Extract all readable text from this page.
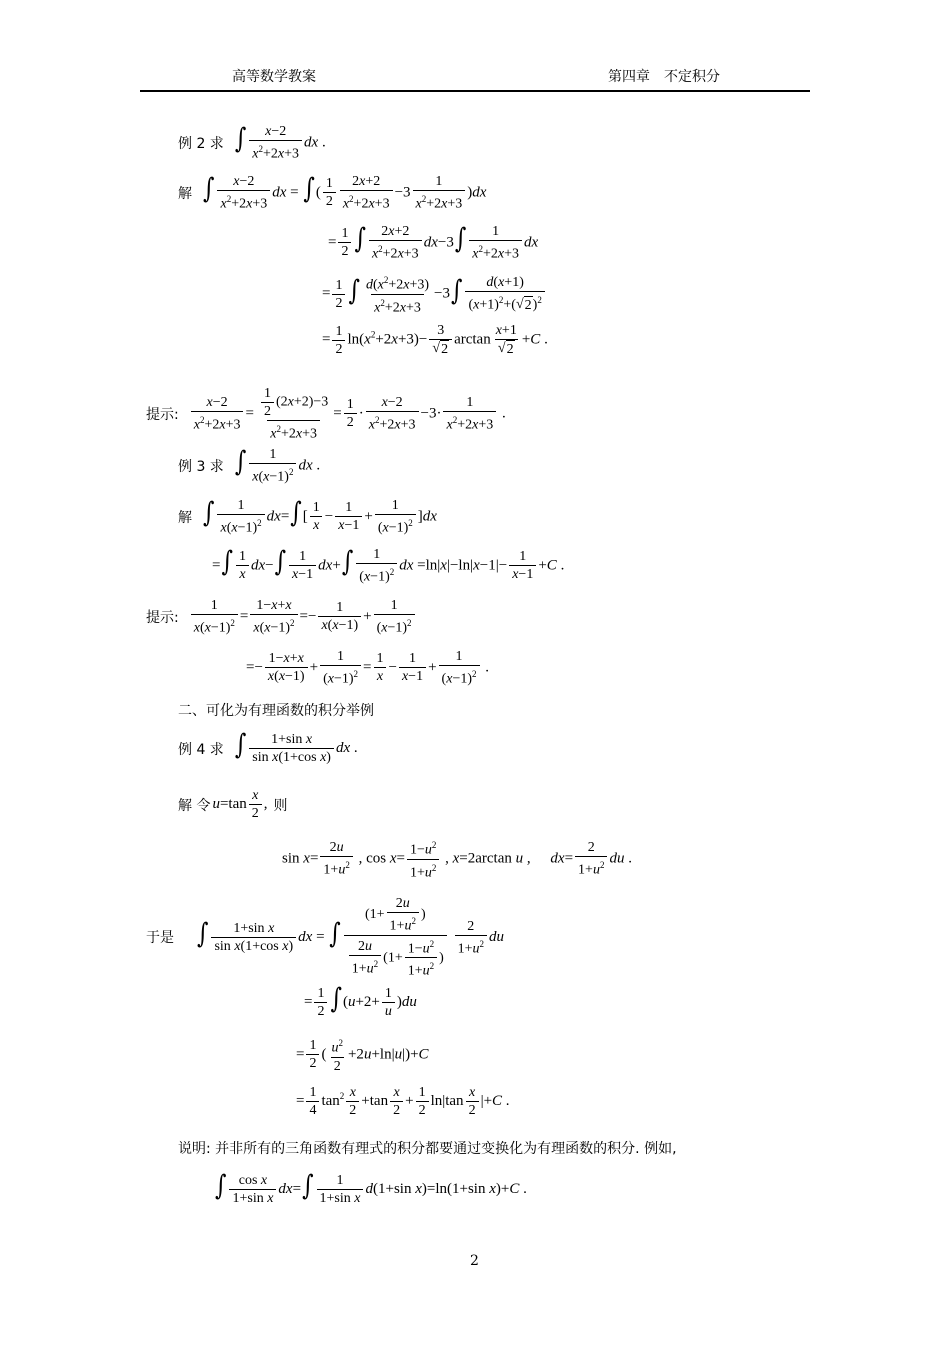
高等数学教案	第四章　不定积分
例 2 求 ∫ $\frac{x-2}{x^2+2x+3}$ dx .
解 ∫ $\frac{x-2}{x^2+2x+3}$ dx = ∫( $\frac{1}{2} \frac{2x+2}{x^2+2x+3} -3 \frac{1}{x^2+2x+3} )dx$
= $\frac{1}{2}$ ∫ $\frac{2x+2}{x^2+2x+3} dx-3\int \frac{1}{x^2+2x+3}$ dx
= $\frac{1}{2}$ ∫ $\frac{d(x^2+2x+3)}{x^2+2x+3} -3\int \frac{d(x+1)}{(x+1)^2+(√ 2 )^2}$
= $\frac{1}{2} \ln(x^2+2x+3)- \frac{3}{√ 2}$ $\arctan \frac{x+1}{√ 2} +C$ .
提示: $\frac{x-2}{x^2+2x+3} = \frac{\frac{1}{2} (2x+2)-3}{x^2+2x+3} = \frac{1}{2} \cdot \frac{x-2}{x^2+2x+3} -3\cdot \frac{1}{x^2+2x+3}$ .
例 3 求 ∫ $\frac{1}{x(x-1)^2}$ dx .
解 ∫ $\frac{1}{x(x-1)^2} dx=\int[ \frac{1}{x} - \frac{1}{x-1} + \frac{1}{(x-1)^2} ]dx$
=∫ $\frac{1}{x} dx-\int \frac{1}{x-1} dx+\int \frac{1}{(x-1)^2}$ dx $=\ln|x|-\ln|x-1|- \frac{1}{x-1} +C$ .
提示: $\frac{1}{x(x-1)^2} = \frac{1-x+x}{x(x-1)^2} =- \frac{1}{x(x-1)} + \frac{1}{(x-1)^2}$
=− $\frac{1-x+x}{x(x-1)} + \frac{1}{(x-1)^2} = \frac{1}{x} - \frac{1}{x-1} + \frac{1}{(x-1)^2}$ .
二、可化为有理函数的积分举例
例 4 求 ∫ $\frac{\text{1+sin x}}{\text{sin x(1+cos x)}}$ dx .
解 令 $u=\tan \frac{x}{2}$ , 则
$\sin x= \frac{2u}{1+u^2}$ , $\cos x= \frac{1-u^2}{1+u^2}$ , x=2arctan u , $dx= \frac{2}{1+u^2}$ du .
于是 ∫ $\frac{\text{1+sin x}}{\text{sin x(1+cos x)}}$ dx = ∫ $\frac{(1+ \frac{2u}{1+u^2} )}{\frac{2u}{1+u^2} (1+ \frac{1-u^2}{1+u^2} )}$
$\frac{2}{1+u^2}$ du
= $\frac{1}{2} \int(u+2+ \frac{1}{u} )du$
= $\frac{1}{2}$ ( $\frac{u^2}{2} +2u+\ln|u|)+C$
= $\frac{1}{4} \tan^2 \frac{x}{2} +\tan \frac{x}{2} + \frac{1}{2} \ln|\tan \frac{x}{2} |+C$ .
说明: 并非所有的三角函数有理式的积分都要通过变换化为有理函数的积分. 例如,
∫ $\frac{\text{cos x}}{\text{1+sin x}} dx=\int \frac{1}{\text{1+sin x}} d(1+\sin$ x)=ln(1+sin x)+C .
2
